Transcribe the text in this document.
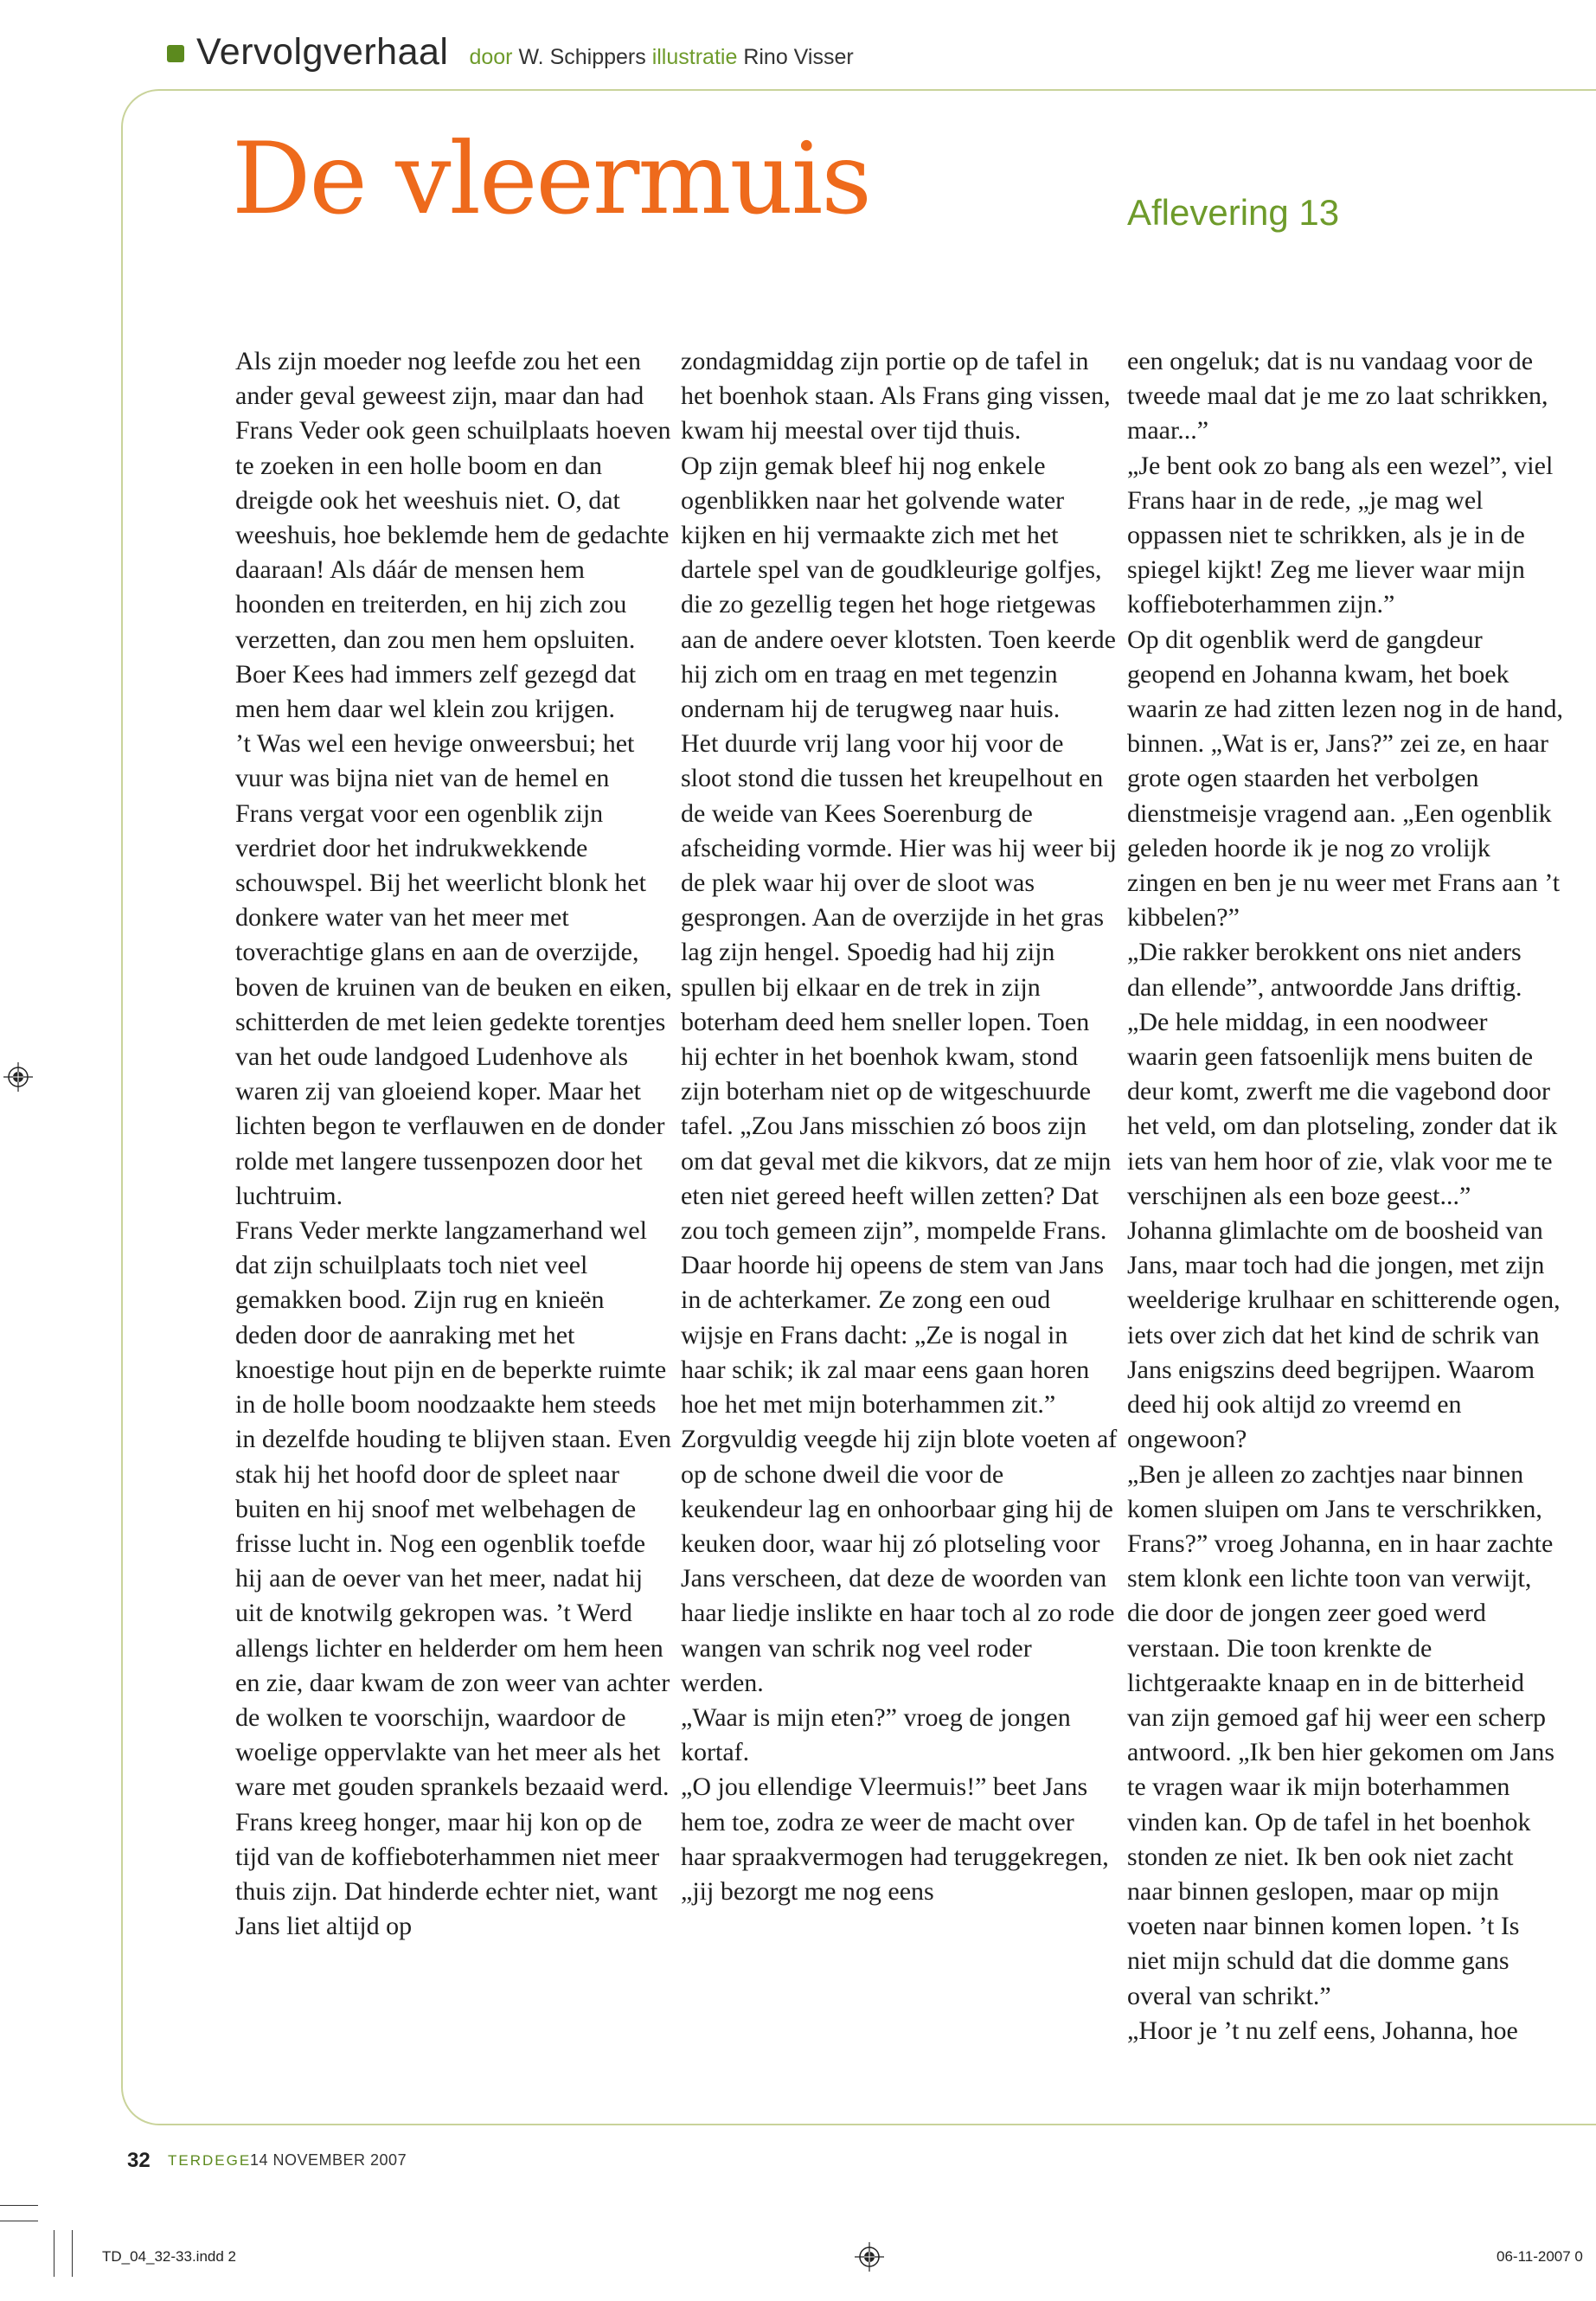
Vervolgverhaal door W. Schippers illustratie Rino Visser
De vleermuis	Aflevering 13

Als zijn moeder nog leefde zou het een ander geval geweest zijn, maar dan had Frans Veder ook geen schuilplaats hoeven te zoeken in een holle boom en dan dreigde ook het weeshuis niet. O, dat weeshuis, hoe beklemde hem de gedachte daaraan! Als dáár de mensen hem hoonden en treiterden, en hij zich zou verzetten, dan zou men hem opsluiten. Boer Kees had immers zelf gezegd dat men hem daar wel klein zou krijgen.

’t Was wel een hevige onweersbui; het vuur was bijna niet van de hemel en Frans vergat voor een ogenblik zijn verdriet door het indrukwekkende schouwspel. Bij het weerlicht blonk het donkere water van het meer met toverachtige glans en aan de overzijde, boven de kruinen van de beuken en eiken, schitterden de met leien gedekte torentjes van het oude landgoed Ludenhove als waren zij van gloeiend koper. Maar het lichten begon te verflauwen en de donder rolde met langere tussenpozen door het luchtruim.

Frans Veder merkte langzamerhand wel dat zijn schuilplaats toch niet veel gemakken bood. Zijn rug en knieën deden door de aanraking met het knoestige hout pijn en de beperkte ruimte in de holle boom noodzaakte hem steeds in dezelfde houding te blijven staan. Even stak hij het hoofd door de spleet naar buiten en hij snoof met welbehagen de frisse lucht in. Nog een ogenblik toefde hij aan de oever van het meer, nadat hij uit de knotwilg gekropen was. ’t Werd allengs lichter en helderder om hem heen en zie, daar kwam de zon weer van achter de wolken te voorschijn, waardoor de woelige oppervlakte van het meer als het ware met gouden sprankels bezaaid werd.

Frans kreeg honger, maar hij kon op de tijd van de koffieboterhammen niet meer thuis zijn. Dat hinderde echter niet, want Jans liet altijd op

zondagmiddag zijn portie op de tafel in het boenhok staan. Als Frans ging vissen, kwam hij meestal over tijd thuis.

Op zijn gemak bleef hij nog enkele ogenblikken naar het golvende water kijken en hij vermaakte zich met het dartele spel van de goudkleurige golfjes, die zo gezellig tegen het hoge rietgewas aan de andere oever klotsten. Toen keerde hij zich om en traag en met tegenzin ondernam hij de terugweg naar huis.

Het duurde vrij lang voor hij voor de sloot stond die tussen het kreupelhout en de weide van Kees Soerenburg de afscheiding vormde. Hier was hij weer bij de plek waar hij over de sloot was gesprongen. Aan de overzijde in het gras lag zijn hengel. Spoedig had hij zijn spullen bij elkaar en de trek in zijn boterham deed hem sneller lopen. Toen hij echter in het boenhok kwam, stond zijn boterham niet op de witgeschuurde tafel. „Zou Jans misschien zó boos zijn om dat geval met die kikvors, dat ze mijn eten niet gereed heeft willen zetten? Dat zou toch gemeen zijn”, mompelde Frans.

Daar hoorde hij opeens de stem van Jans in de achterkamer. Ze zong een oud wijsje en Frans dacht: „Ze is nogal in haar schik; ik zal maar eens gaan horen hoe het met mijn boterhammen zit.” Zorgvuldig veegde hij zijn blote voeten af op de schone dweil die voor de keukendeur lag en onhoorbaar ging hij de keuken door, waar hij zó plotseling voor Jans verscheen, dat deze de woorden van haar liedje inslikte en haar toch al zo rode wangen van schrik nog veel roder werden.

„Waar is mijn eten?” vroeg de jongen kortaf.

„O jou ellendige Vleermuis!” beet Jans hem toe, zodra ze weer de macht over haar spraakvermogen had teruggekregen, „jij bezorgt me nog eens

een ongeluk; dat is nu vandaag voor de tweede maal dat je me zo laat schrikken, maar...”

„Je bent ook zo bang als een wezel”, viel Frans haar in de rede, „je mag wel oppassen niet te schrikken, als je in de spiegel kijkt! Zeg me liever waar mijn koffieboterhammen zijn.”

Op dit ogenblik werd de gangdeur geopend en Johanna kwam, het boek waarin ze had zitten lezen nog in de hand, binnen. „Wat is er, Jans?” zei ze, en haar grote ogen staarden het verbolgen dienstmeisje vragend aan. „Een ogenblik geleden hoorde ik je nog zo vrolijk zingen en ben je nu weer met Frans aan ’t kibbelen?”

„Die rakker berokkent ons niet anders dan ellende”, antwoordde Jans driftig. „De hele middag, in een noodweer waarin geen fatsoenlijk mens buiten de deur komt, zwerft me die vagebond door het veld, om dan plotseling, zonder dat ik iets van hem hoor of zie, vlak voor me te verschijnen als een boze geest...”

Johanna glimlachte om de boosheid van Jans, maar toch had die jongen, met zijn weelderige krulhaar en schitterende ogen, iets over zich dat het kind de schrik van Jans enigszins deed begrijpen. Waarom deed hij ook altijd zo vreemd en ongewoon?

„Ben je alleen zo zachtjes naar binnen komen sluipen om Jans te verschrikken, Frans?” vroeg Johanna, en in haar zachte stem klonk een lichte toon van verwijt, die door de jongen zeer goed werd verstaan. Die toon krenkte de lichtgeraakte knaap en in de bitterheid van zijn gemoed gaf hij weer een scherp antwoord. „Ik ben hier gekomen om Jans te vragen waar ik mijn boterhammen vinden kan. Op de tafel in het boenhok stonden ze niet. Ik ben ook niet zacht naar binnen geslopen, maar op mijn voeten naar binnen komen lopen. ’t Is niet mijn schuld dat die domme gans overal van schrikt.”

„Hoor je ’t nu zelf eens, Johanna, hoe

32 TERDEGE
14 NOVEMBER 2007
TD_04_32-33.indd 2	06-11-2007 0
